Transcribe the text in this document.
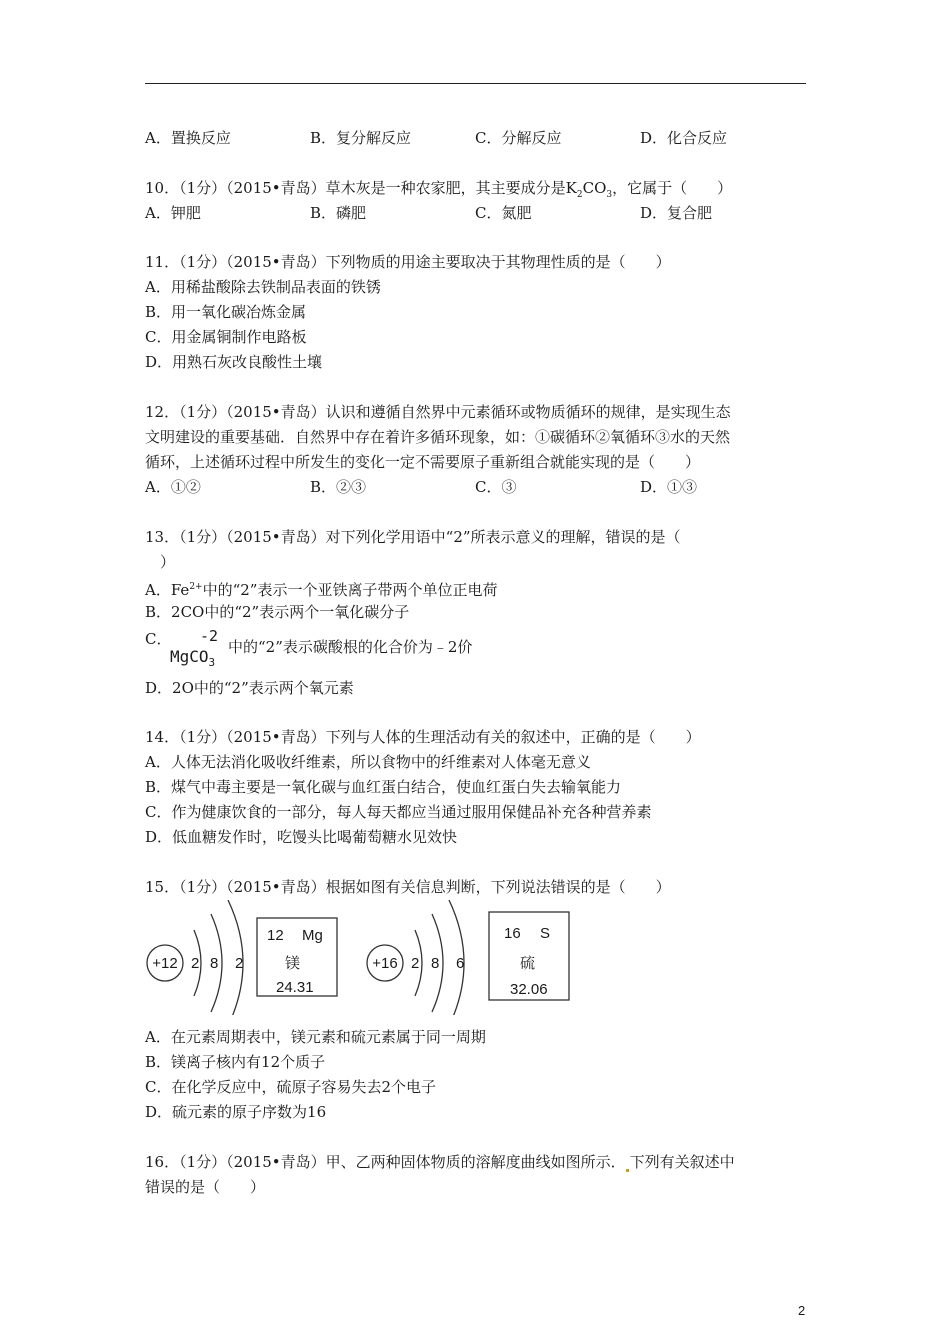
A．置换反应	B．复分解反应	C．分解反应	D．化合反应
10．（1分）（2015•青岛）草木灰是一种农家肥，其主要成分是$K_2CO_3$，它属于（　　）
A．钾肥	B．磷肥	C．氮肥	D．复合肥
11．（1分）（2015•青岛）下列物质的用途主要取决于其物理性质的是（　　）
A．用稀盐酸除去铁制品表面的铁锈
B．用一氧化碳冶炼金属
C．用金属铜制作电路板
D．用熟石灰改良酸性土壤
12．（1分）（2015•青岛）认识和遵循自然界中元素循环或物质循环的规律，是实现生态
文明建设的重要基础．自然界中存在着许多循环现象，如：①碳循环②氧循环③水的天然
循环，上述循环过程中所发生的变化一定不需要原子重新组合就能实现的是（　　）
A．①②	B．②③	C．③	D．①③
13．（1分）（2015•青岛）对下列化学用语中“2”所表示意义的理解，错误的是（
）
A．$Fe^{2+}$中的“2”表示一个亚铁离子带两个单位正电荷
B．2CO中的“2”表示两个一氧化碳分子
C． -2
MgCO$_3$
中的“2”表示碳酸根的化合价为﹣2价
D．2O中的“2”表示两个氧元素
14．（1分）（2015•青岛）下列与人体的生理活动有关的叙述中，正确的是（　　）
A．人体无法消化吸收纤维素，所以食物中的纤维素对人体毫无意义
B．煤气中毒主要是一氧化碳与血红蛋白结合，使血红蛋白失去输氧能力
C．作为健康饮食的一部分，每人每天都应当通过服用保健品补充各种营养素
D．低血糖发作时，吃馒头比喝葡萄糖水见效快
15．（1分）（2015•青岛）根据如图有关信息判断，下列说法错误的是（　　）
+12 2 8 2
12 Mg
镁
24.31
+16 2 8 6
16 S
硫
32.06
A．在元素周期表中，镁元素和硫元素属于同一周期
B．镁离子核内有12个质子
C．在化学反应中，硫原子容易失去2个电子
D．硫元素的原子序数为16
16．（1分）（2015•青岛）甲、乙两种固体物质的溶解度曲线如图所示． 下列有关叙述中
错误的是（　　）
2
